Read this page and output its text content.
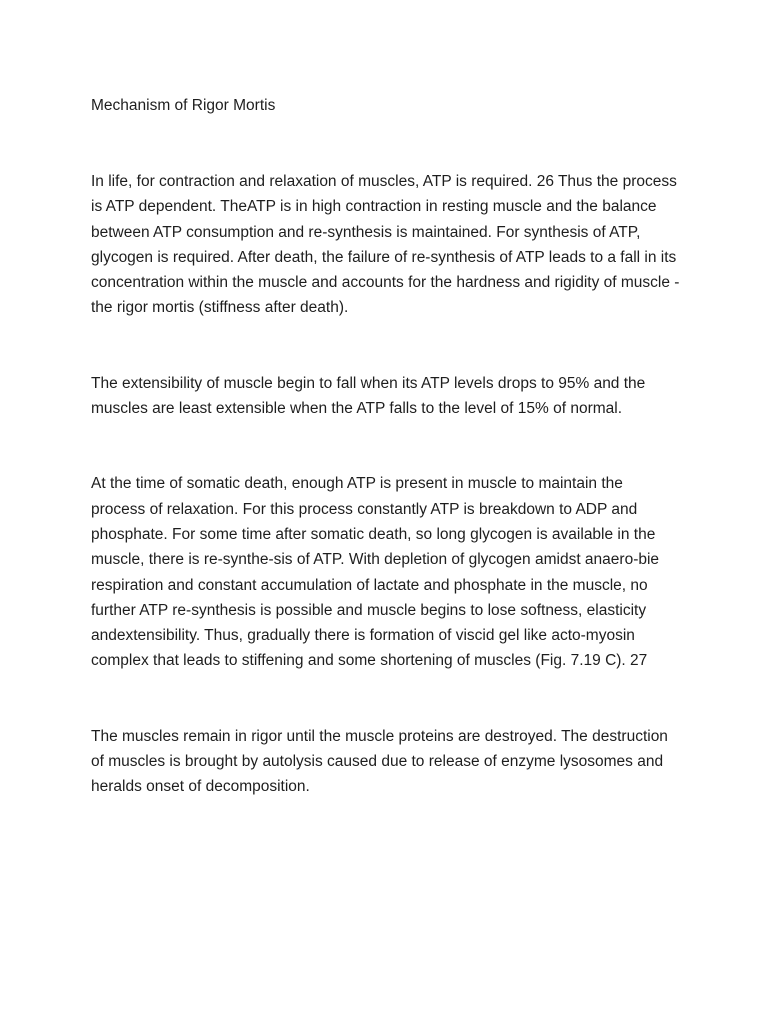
Mechanism of Rigor Mortis

In life, for contraction and relaxation of muscles, ATP is required. 26 Thus the process is ATP dependent. TheATP is in high contraction in resting muscle and the balance between ATP consumption and re-synthesis is maintained. For synthesis of ATP, glycogen is required. After death, the failure of re-synthesis of ATP leads to a fall in its concentration within the muscle and accounts for the hardness and rigidity of muscle - the rigor mortis (stiffness after death).

The extensibility of muscle begin to fall when its ATP levels drops to 95% and the muscles are least extensible when the ATP falls to the level of 15% of normal.

At the time of somatic death, enough ATP is present in muscle to maintain the process of relaxation. For this process constantly ATP is breakdown to ADP and phosphate. For some time after somatic death, so long glycogen is available in the muscle, there is re-synthe-sis of ATP. With depletion of glycogen amidst anaero-bie respiration and constant accumulation of lactate and phosphate in the muscle, no further ATP re-synthesis is possible and muscle begins to lose softness, elasticity andextensibility. Thus, gradually there is formation of viscid gel like acto-myosin complex that leads to stiffening and some shortening of muscles (Fig. 7.19 C). 27

The muscles remain in rigor until the muscle proteins are destroyed. The destruction of muscles is brought by autolysis caused due to release of enzyme lysosomes and heralds onset of decomposition.
